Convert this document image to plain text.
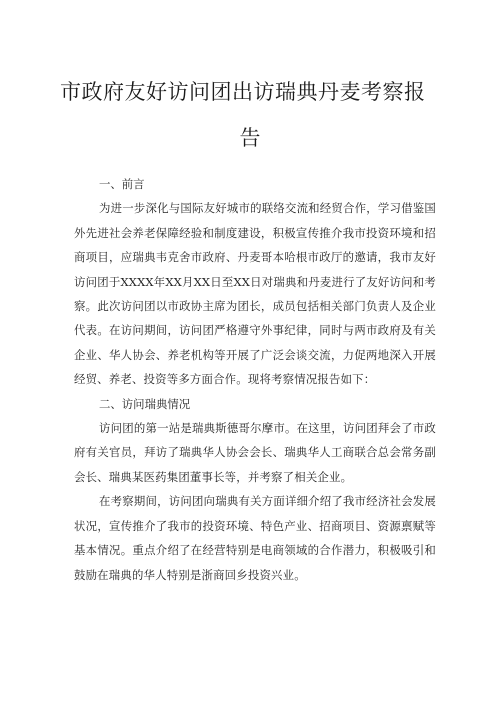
市政府友好访问团出访瑞典丹麦考察报
告

一、前言

为进一步深化与国际友好城市的联络交流和经贸合作，学习借鉴国外先进社会养老保障经验和制度建设，积极宣传推介我市投资环境和招商项目，应瑞典韦克舍市政府、丹麦哥本哈根市政厅的邀请，我市友好访问团于XXXX年XX月XX日至XX日对瑞典和丹麦进行了友好访问和考察。此次访问团以市政协主席为团长，成员包括相关部门负责人及企业代表。在访问期间，访问团严格遵守外事纪律，同时与两市政府及有关企业、华人协会、养老机构等开展了广泛会谈交流，力促两地深入开展经贸、养老、投资等多方面合作。现将考察情况报告如下：

二、访问瑞典情况

访问团的第一站是瑞典斯德哥尔摩市。在这里，访问团拜会了市政府有关官员，拜访了瑞典华人协会会长、瑞典华人工商联合总会常务副会长、瑞典某医药集团董事长等，并考察了相关企业。

在考察期间，访问团向瑞典有关方面详细介绍了我市经济社会发展状况，宣传推介了我市的投资环境、特色产业、招商项目、资源禀赋等基本情况。重点介绍了在经营特别是电商领域的合作潜力，积极吸引和鼓励在瑞典的华人特别是浙商回乡投资兴业。
